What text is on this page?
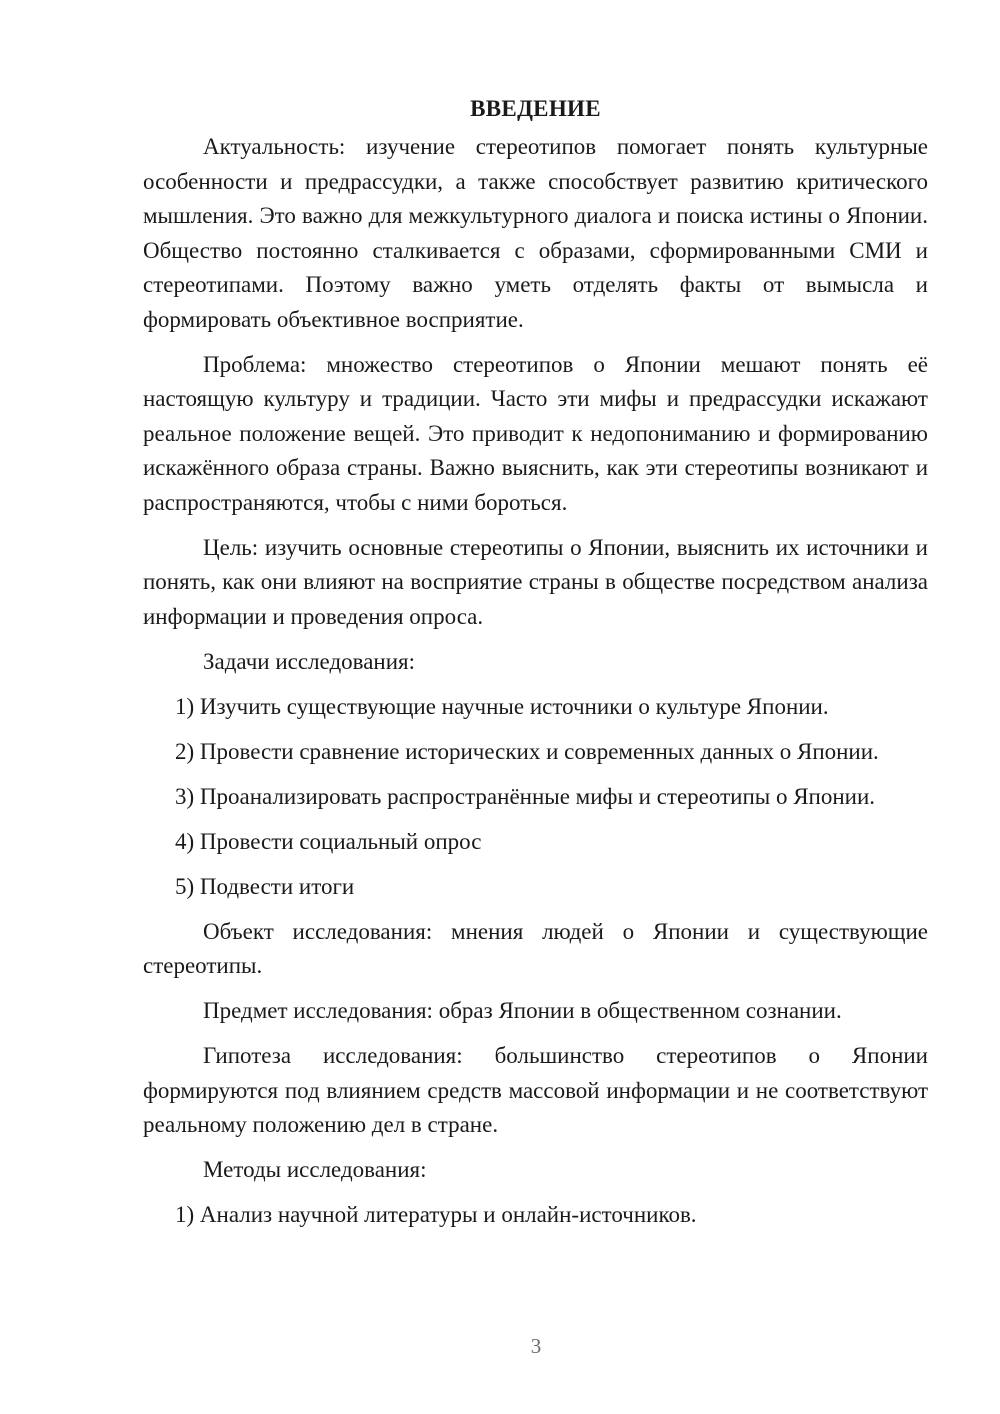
ВВЕДЕНИЕ

Актуальность: изучение стереотипов помогает понять культурные особенности и предрассудки, а также способствует развитию критического мышления. Это важно для межкультурного диалога и поиска истины о Японии. Общество постоянно сталкивается с образами, сформированными СМИ и стереотипами. Поэтому важно уметь отделять факты от вымысла и формировать объективное восприятие.

Проблема: множество стереотипов о Японии мешают понять её настоящую культуру и традиции. Часто эти мифы и предрассудки искажают реальное положение вещей. Это приводит к недопониманию и формированию искажённого образа страны. Важно выяснить, как эти стереотипы возникают и распространяются, чтобы с ними бороться.

Цель: изучить основные стереотипы о Японии, выяснить их источники и понять, как они влияют на восприятие страны в обществе посредством анализа информации и проведения опроса.

Задачи исследования:

1) Изучить существующие научные источники о культуре Японии.

2) Провести сравнение исторических и современных данных о Японии.

3) Проанализировать распространённые мифы и стереотипы о Японии.

4) Провести социальный опрос

5) Подвести итоги

Объект исследования: мнения людей о Японии и существующие стереотипы.

Предмет исследования: образ Японии в общественном сознании.

Гипотеза исследования: большинство стереотипов о Японии формируются под влиянием средств массовой информации и не соответствуют реальному положению дел в стране.

Методы исследования:

1) Анализ научной литературы и онлайн-источников.

3
